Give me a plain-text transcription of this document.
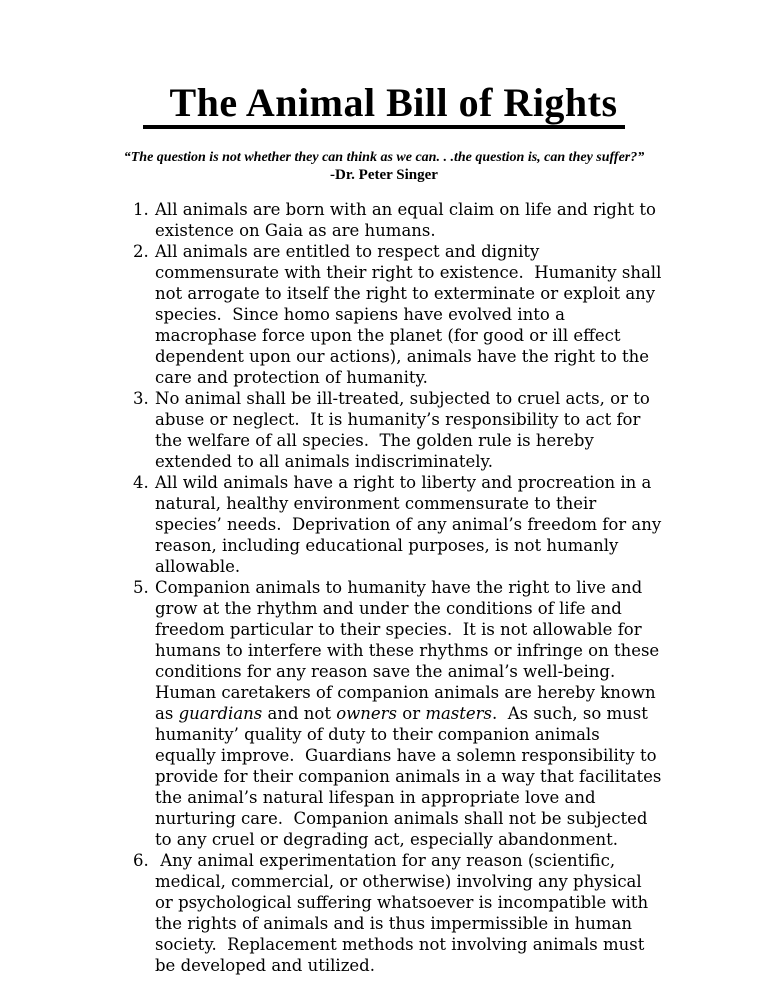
The Animal Bill of Rights

“The question is not whether they can think as we can. . .the question is, can they suffer?”

-Dr. Peter Singer

1. All animals are born with an equal claim on life and right to existence on Gaia as are humans.
2. All animals are entitled to respect and dignity commensurate with their right to existence.  Humanity shall not arrogate to itself the right to exterminate or exploit any species.  Since homo sapiens have evolved into a macrophase force upon the planet (for good or ill effect dependent upon our actions), animals have the right to the care and protection of humanity.
3. No animal shall be ill-treated, subjected to cruel acts, or to abuse or neglect.  It is humanity’s responsibility to act for the welfare of all species.  The golden rule is hereby extended to all animals indiscriminately.
4. All wild animals have a right to liberty and procreation in a natural, healthy environment commensurate to their species’ needs.  Deprivation of any animal’s freedom for any reason, including educational purposes, is not humanly allowable.
5. Companion animals to humanity have the right to live and grow at the rhythm and under the conditions of life and freedom particular to their species.  It is not allowable for humans to interfere with these rhythms or infringe on these conditions for any reason save the animal’s well-being.  Human caretakers of companion animals are hereby known as guardians and not owners or masters.  As such, so must humanity’ quality of duty to their companion animals equally improve.  Guardians have a solemn responsibility to provide for their companion animals in a way that facilitates the animal’s natural lifespan in appropriate love and nurturing care.  Companion animals shall not be subjected to any cruel or degrading act, especially abandonment.
6. Any animal experimentation for any reason (scientific, medical, commercial, or otherwise) involving any physical or psychological suffering whatsoever is incompatible with the rights of animals and is thus impermissible in human society.  Replacement methods not involving animals must be developed and utilized.
